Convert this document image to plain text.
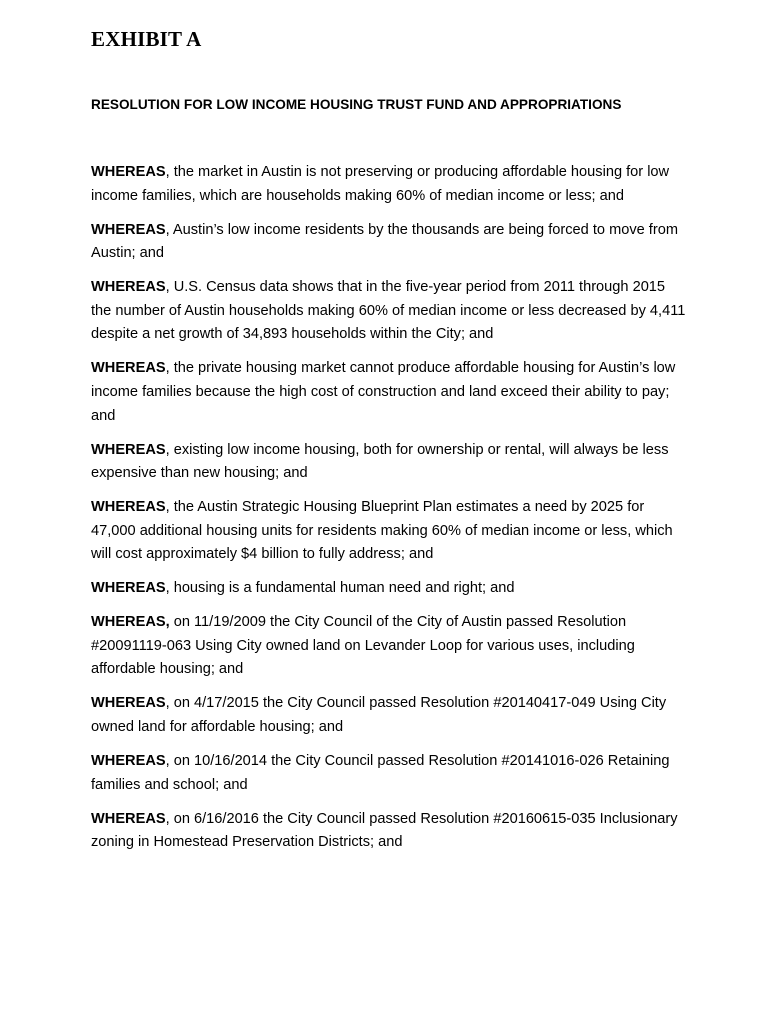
EXHIBIT A
RESOLUTION FOR LOW INCOME HOUSING TRUST FUND AND APPROPRIATIONS

WHEREAS, the market in Austin is not preserving or producing affordable housing for low income families, which are households making 60% of median income or less; and

WHEREAS, Austin’s low income residents by the thousands are being forced to move from Austin; and

WHEREAS, U.S. Census data shows that in the five-year period from 2011 through 2015 the number of Austin households making 60% of median income or less decreased by 4,411 despite a net growth of 34,893 households within the City; and

WHEREAS, the private housing market cannot produce affordable housing for Austin’s low income families because the high cost of construction and land exceed their ability to pay; and

WHEREAS, existing low income housing, both for ownership or rental, will always be less expensive than new housing; and

WHEREAS, the Austin Strategic Housing Blueprint Plan estimates a need by 2025 for 47,000 additional housing units for residents making 60% of median income or less, which will cost approximately $4 billion to fully address; and

WHEREAS, housing is a fundamental human need and right; and

WHEREAS, on 11/19/2009 the City Council of the City of Austin passed Resolution #20091119-063 Using City owned land on Levander Loop for various uses, including affordable housing; and

WHEREAS, on 4/17/2015 the City Council passed Resolution #20140417-049 Using City owned land for affordable housing; and

WHEREAS, on 10/16/2014 the City Council passed Resolution #20141016-026 Retaining families and school; and

WHEREAS, on 6/16/2016 the City Council passed Resolution #20160615-035 Inclusionary zoning in Homestead Preservation Districts; and
